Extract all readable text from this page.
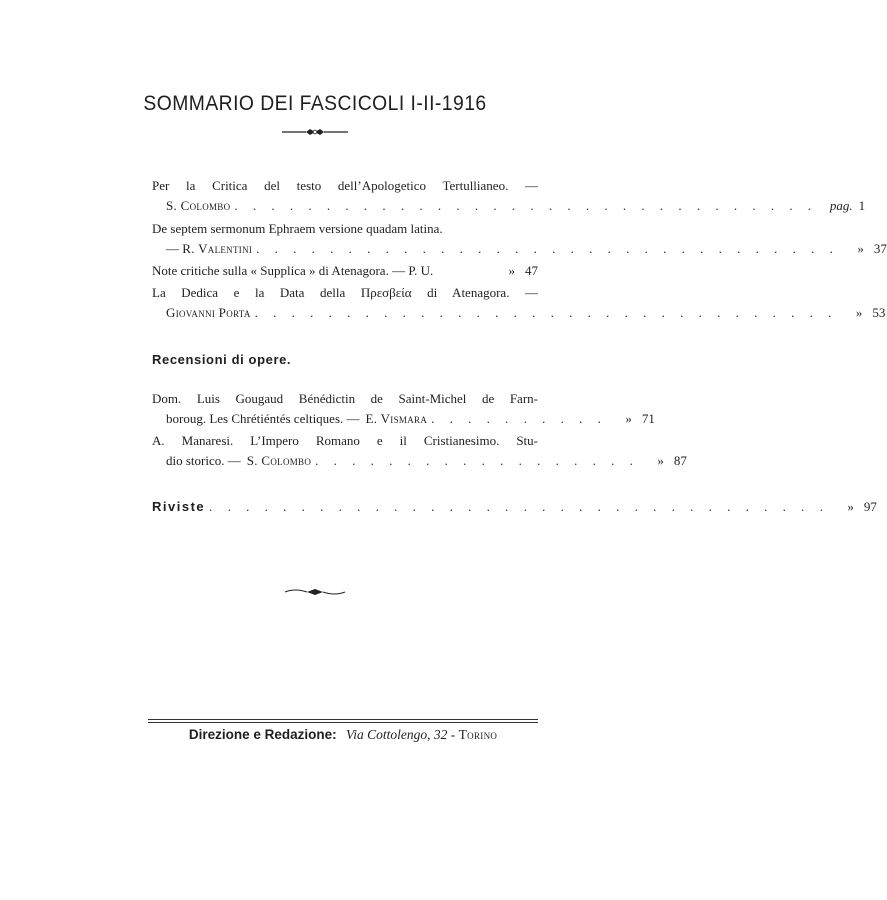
SOMMARIO DEI FASCICOLI I-II-1916
Per la Critica del testo dell’Apologetico Tertullianeo. —
S. Colombo . . . . . . . . . . . . . . . . . . . . . . . . . . . . . . . . pag. 1
De septem sermonum Ephraem versione quadam latina.
— R. Valentini . . . . . . . . . . . . . . . . . . . . . . . . . . . . . . . .	» 37
Note critiche sulla « Supplica » di Atenagora. — P. U.	» 47
La Dedica e la Data della Πρεσβεία di Atenagora. —
Giovanni Porta . . . . . . . . . . . . . . . . . . . . . . . . . . . . . . . .	» 53
Recensioni di opere.
Dom. Luis Gougaud Bénédictin de Saint-Michel de Farn-
boroug. Les Chrétiéntés celtiques. — E. Vismara . . . . . . . . . .	» 71
A. Manaresi. L’Impero Romano e il Cristianesimo. Stu-
dio storico. — S. Colombo . . . . . . . . . . . . . . . . . .	» 87
Riviste . . . . . . . . . . . . . . . . . . . . . . . . . . . . . . . . . .	» 97
Direzione e Redazione: Via Cottolengo, 32 - Torino
